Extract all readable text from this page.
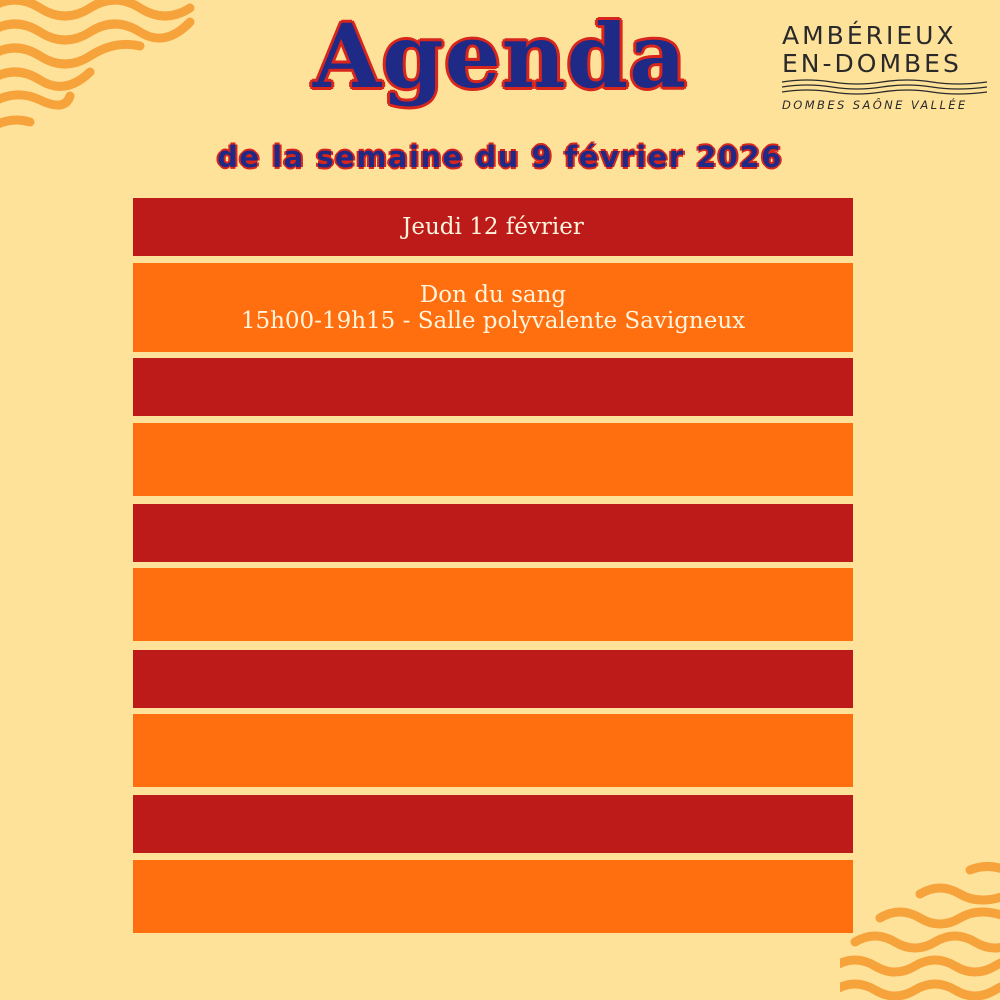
Agenda
de la semaine du 9 février 2026
AMBÉRIEUX
EN-DOMBES
DOMBES SAÔNE VALLÉE
Jeudi 12 février
Don du sang
15h00-19h15 - Salle polyvalente Savigneux
